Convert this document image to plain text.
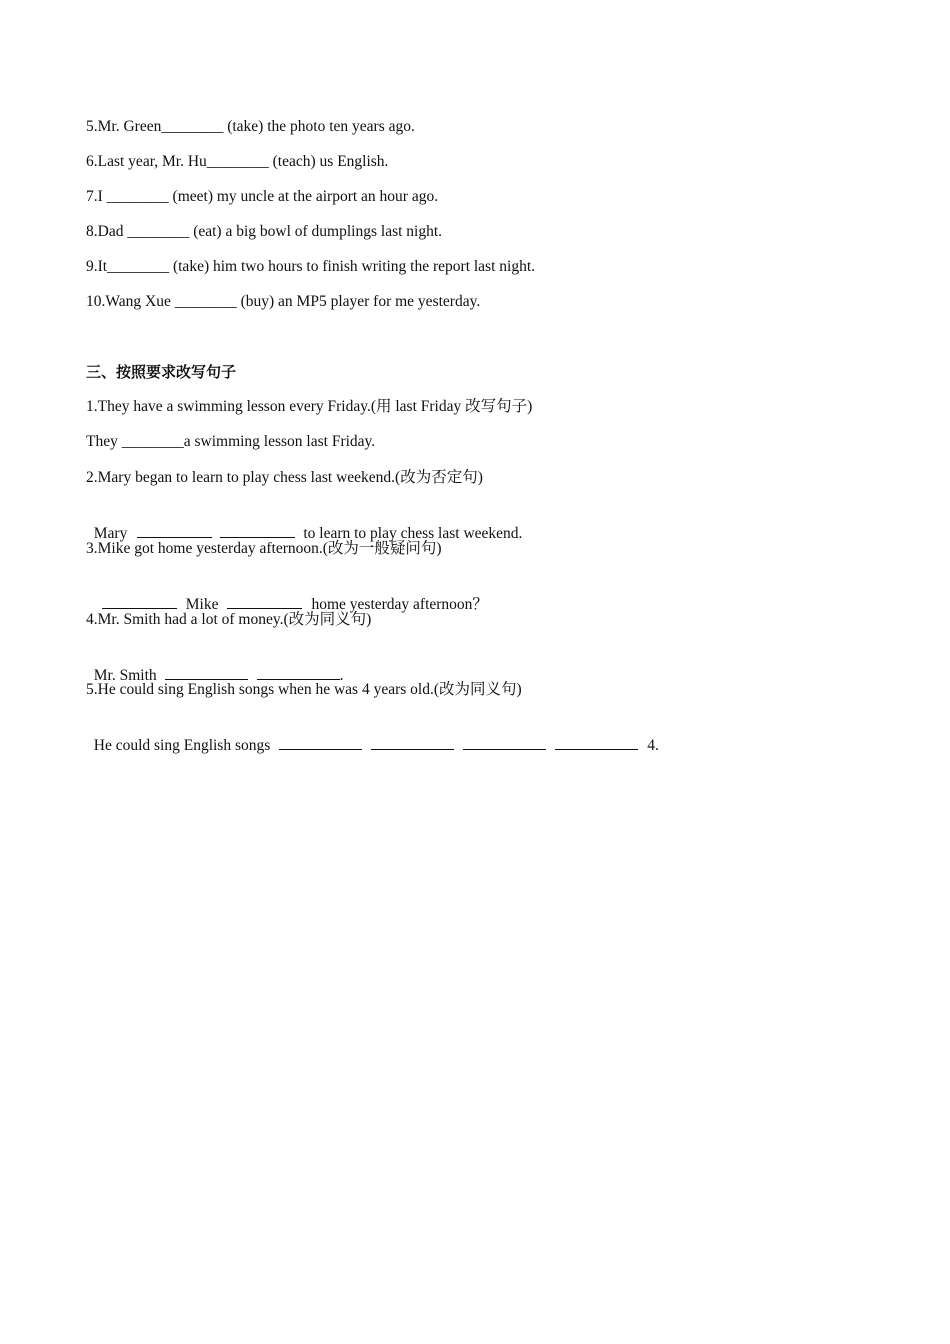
5.Mr. Green________ (take) the photo ten years ago.
6.Last year, Mr. Hu________ (teach) us English.
7.I ________ (meet) my uncle at the airport an hour ago.
8.Dad ________ (eat) a big bowl of dumplings last night.
9.It________ (take) him two hours to finish writing the report last night.
10.Wang Xue ________ (buy) an MP5 player for me yesterday.
三、按照要求改写句子
1.They have a swimming lesson every Friday.(用 last Friday 改写句子)
They ________a swimming lesson last Friday.
2.Mary began to learn to play chess last weekend.(改为否定句)

Mary	to learn to play chess last weekend.

3.Mike got home yesterday afternoon.(改为一般疑问句)

Mike	home yesterday afternoon？

4.Mr. Smith had a lot of money.(改为同义句)

Mr. Smith	.

5.He could sing English songs when he was 4 years old.(改为同义句)

He could sing English songs	4.
